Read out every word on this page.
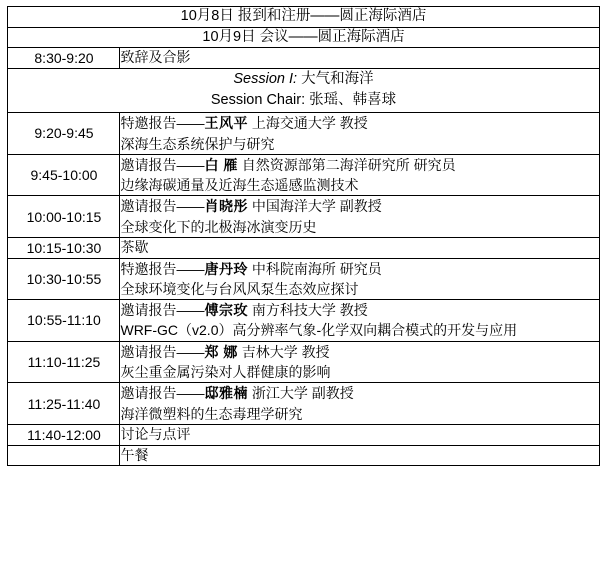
10月8日 报到和注册——圆正海际酒店	
10月9日 会议——圆正海际酒店	
8:30-9:20	致辞及合影

Session I: 大气和海洋
Session Chair: 张瑶、韩喜球	

9:20-9:45	特邀报告——王风平 上海交通大学 教授
深海生态系统保护与研究

9:45-10:00	邀请报告——白 雁 自然资源部第二海洋研究所 研究员
边缘海碳通量及近海生态遥感监测技术

10:00-10:15	邀请报告——肖晓彤 中国海洋大学 副教授
全球变化下的北极海冰演变历史

10:15-10:30	茶歇
10:30-10:55	特邀报告——唐丹玲 中科院南海所 研究员
全球环境变化与台风风泵生态效应探讨

10:55-11:10	邀请报告——傅宗玫 南方科技大学 教授
WRF-GC（v2.0）高分辨率气象-化学双向耦合模式的开发与应用

11:10-11:25	邀请报告——郑 娜 吉林大学 教授
灰尘重金属污染对人群健康的影响

11:25-11:40	邀请报告——邸雅楠 浙江大学 副教授
海洋微塑料的生态毒理学研究

11:40-12:00	讨论与点评
	午餐
